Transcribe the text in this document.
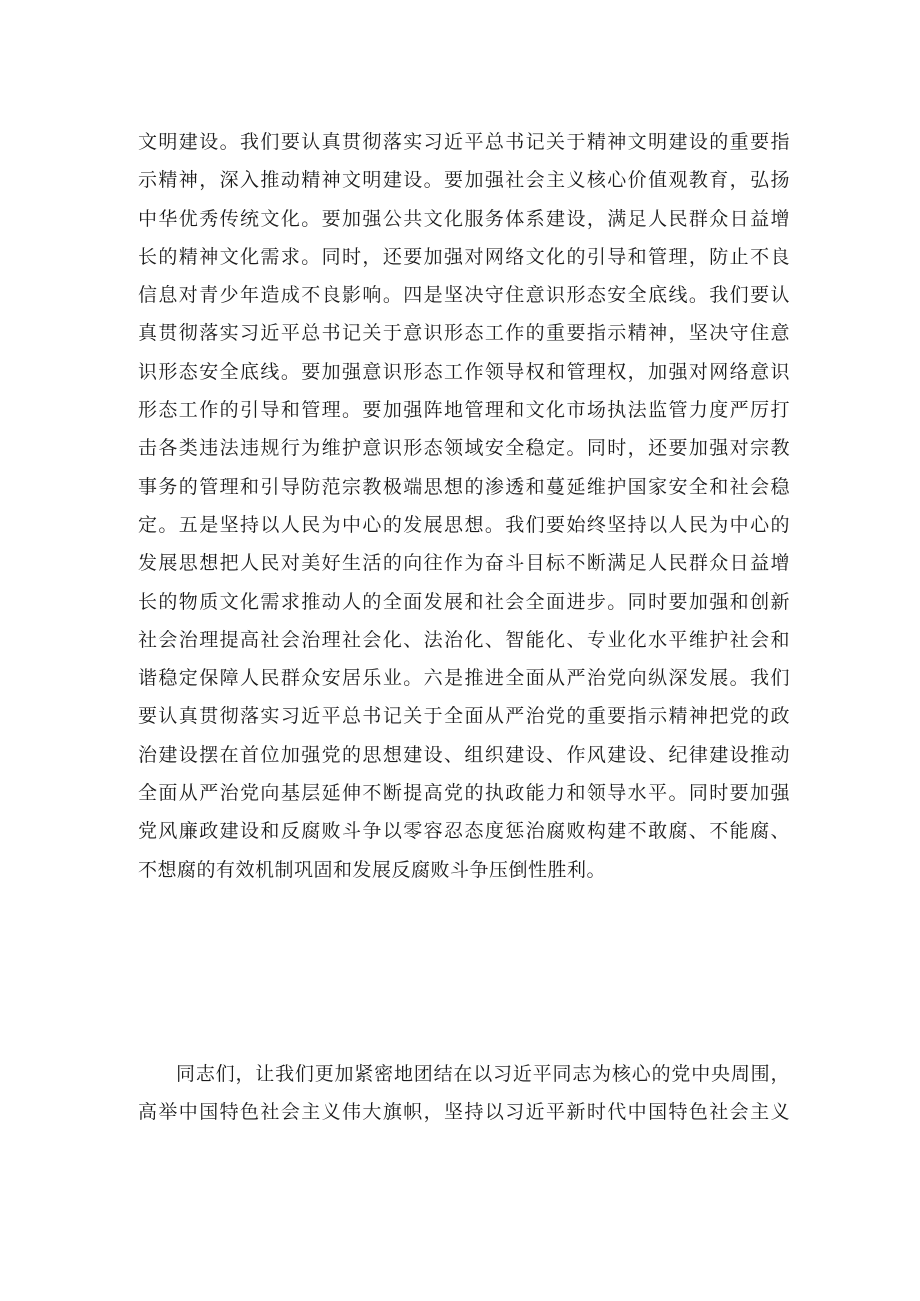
文明建设。我们要认真贯彻落实习近平总书记关于精神文明建设的重要指
示精神，深入推动精神文明建设。要加强社会主义核心价值观教育，弘扬
中华优秀传统文化。要加强公共文化服务体系建设，满足人民群众日益增
长的精神文化需求。同时，还要加强对网络文化的引导和管理，防止不良
信息对青少年造成不良影响。四是坚决守住意识形态安全底线。我们要认
真贯彻落实习近平总书记关于意识形态工作的重要指示精神，坚决守住意
识形态安全底线。要加强意识形态工作领导权和管理权，加强对网络意识
形态工作的引导和管理。要加强阵地管理和文化市场执法监管力度严厉打
击各类违法违规行为维护意识形态领域安全稳定。同时，还要加强对宗教
事务的管理和引导防范宗教极端思想的渗透和蔓延维护国家安全和社会稳
定。五是坚持以人民为中心的发展思想。我们要始终坚持以人民为中心的
发展思想把人民对美好生活的向往作为奋斗目标不断满足人民群众日益增
长的物质文化需求推动人的全面发展和社会全面进步。同时要加强和创新
社会治理提高社会治理社会化、法治化、智能化、专业化水平维护社会和
谐稳定保障人民群众安居乐业。六是推进全面从严治党向纵深发展。我们
要认真贯彻落实习近平总书记关于全面从严治党的重要指示精神把党的政
治建设摆在首位加强党的思想建设、组织建设、作风建设、纪律建设推动
全面从严治党向基层延伸不断提高党的执政能力和领导水平。同时要加强
党风廉政建设和反腐败斗争以零容忍态度惩治腐败构建不敢腐、不能腐、
不想腐的有效机制巩固和发展反腐败斗争压倒性胜利。
同志们，让我们更加紧密地团结在以习近平同志为核心的党中央周围，
高举中国特色社会主义伟大旗帜，坚持以习近平新时代中国特色社会主义
